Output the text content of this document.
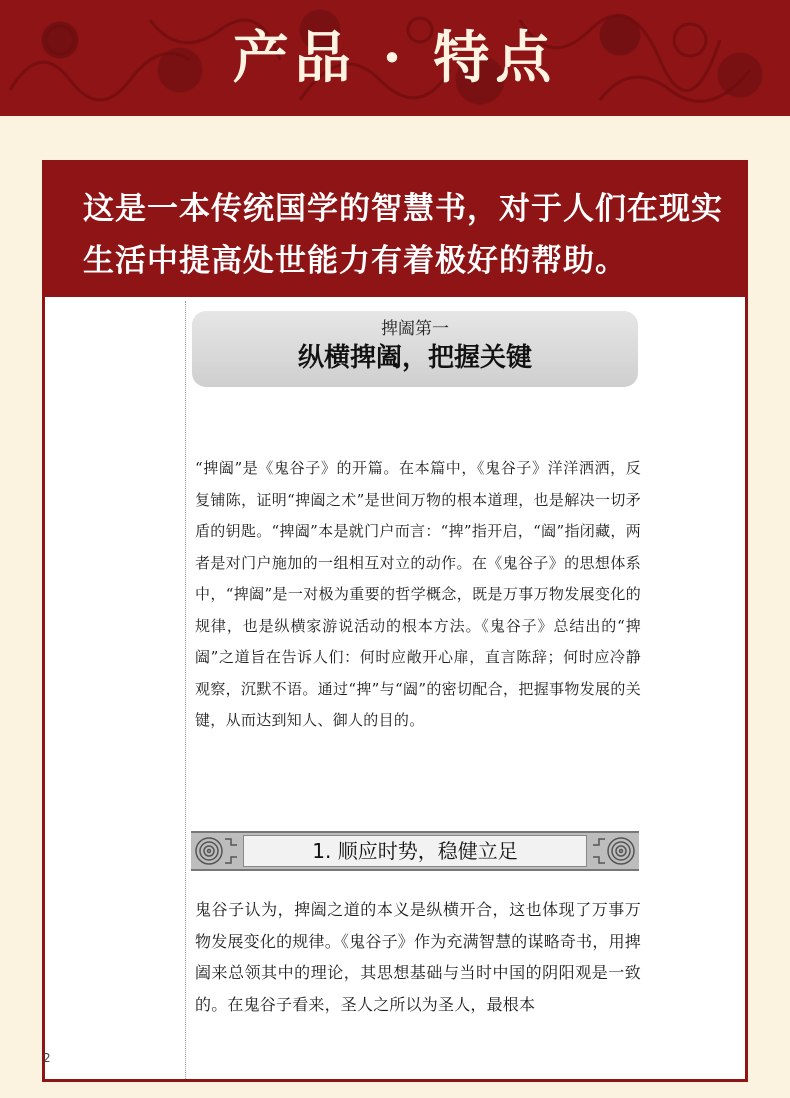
产品 · 特点
这是一本传统国学的智慧书，对于人们在现实生活中提高处世能力有着极好的帮助。
捭阖第一
纵横捭阖，把握关键
“捭阖”是《鬼谷子》的开篇。在本篇中，《鬼谷子》洋洋洒洒，反复铺陈，证明“捭阖之术”是世间万物的根本道理，也是解决一切矛盾的钥匙。“捭阖”本是就门户而言：“捭”指开启，“阖”指闭藏，两者是对门户施加的一组相互对立的动作。在《鬼谷子》的思想体系中，“捭阖”是一对极为重要的哲学概念，既是万事万物发展变化的规律，也是纵横家游说活动的根本方法。《鬼谷子》总结出的“捭阖”之道旨在告诉人们：何时应敞开心扉，直言陈辞；何时应冷静观察，沉默不语。通过“捭”与“阖”的密切配合，把握事物发展的关键，从而达到知人、御人的目的。
1. 顺应时势，稳健立足
鬼谷子认为，捭阖之道的本义是纵横开合，这也体现了万事万物发展变化的规律。《鬼谷子》作为充满智慧的谋略奇书，用捭阖来总领其中的理论，其思想基础与当时中国的阴阳观是一致的。在鬼谷子看来，圣人之所以为圣人，最根本
2
